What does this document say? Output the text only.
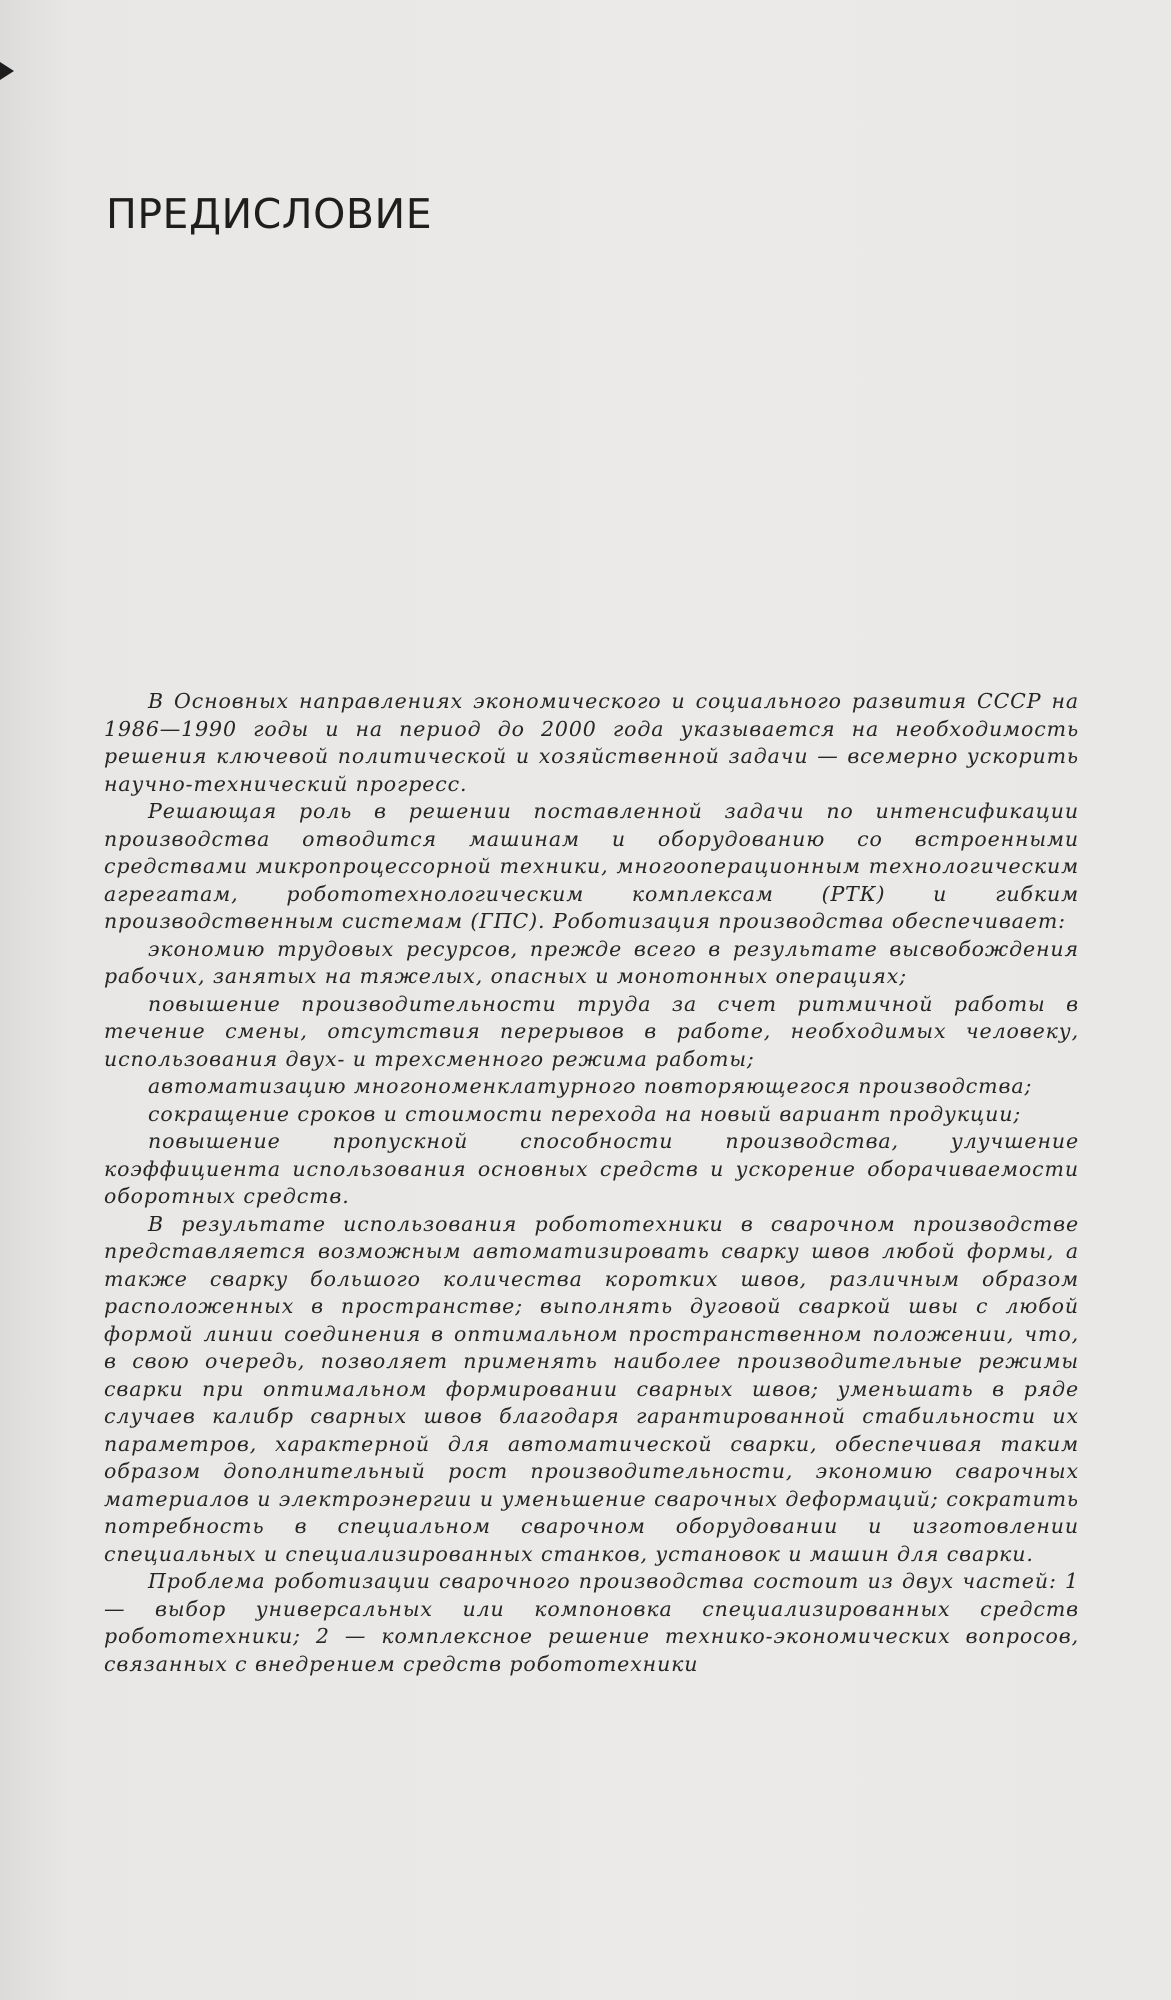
ПРЕДИСЛОВИЕ

В Основных направлениях экономического и социального развития СССР на 1986—1990 годы и на период до 2000 года указывается на необходимость решения ключевой политической и хозяйственной задачи — всемерно ускорить научно-технический прогресс.

Решающая роль в решении поставленной задачи по интенсификации производства отводится машинам и оборудованию со встроенными средствами микропроцессорной техники, многооперационным технологическим агрегатам, робототехнологическим комплексам (РТК) и гибким производственным системам (ГПС). Роботизация производства обеспечивает:

экономию трудовых ресурсов, прежде всего в результате высвобождения рабочих, занятых на тяжелых, опасных и монотонных операциях;

повышение производительности труда за счет ритмичной работы в течение смены, отсутствия перерывов в работе, необходимых человеку, использования двух- и трехсменного режима работы;

автоматизацию многономенклатурного повторяющегося производства;

сокращение сроков и стоимости перехода на новый вариант продукции;

повышение пропускной способности производства, улучшение коэффициента использования основных средств и ускорение оборачиваемости оборотных средств.

В результате использования робототехники в сварочном производстве представляется возможным автоматизировать сварку швов любой формы, а также сварку большого количества коротких швов, различным образом расположенных в пространстве; выполнять дуговой сваркой швы с любой формой линии соединения в оптимальном пространственном положении, что, в свою очередь, позволяет применять наиболее производительные режимы сварки при оптимальном формировании сварных швов; уменьшать в ряде случаев калибр сварных швов благодаря гарантированной стабильности их параметров, характерной для автоматической сварки, обеспечивая таким образом дополнительный рост производительности, экономию сварочных материалов и электроэнергии и уменьшение сварочных деформаций; сократить потребность в специальном сварочном оборудовании и изготовлении специальных и специализированных станков, установок и машин для сварки.

Проблема роботизации сварочного производства состоит из двух частей: 1 — выбор универсальных или компоновка специализированных средств робототехники; 2 — комплексное решение технико-экономических вопросов, связанных с внедрением средств робототехники
